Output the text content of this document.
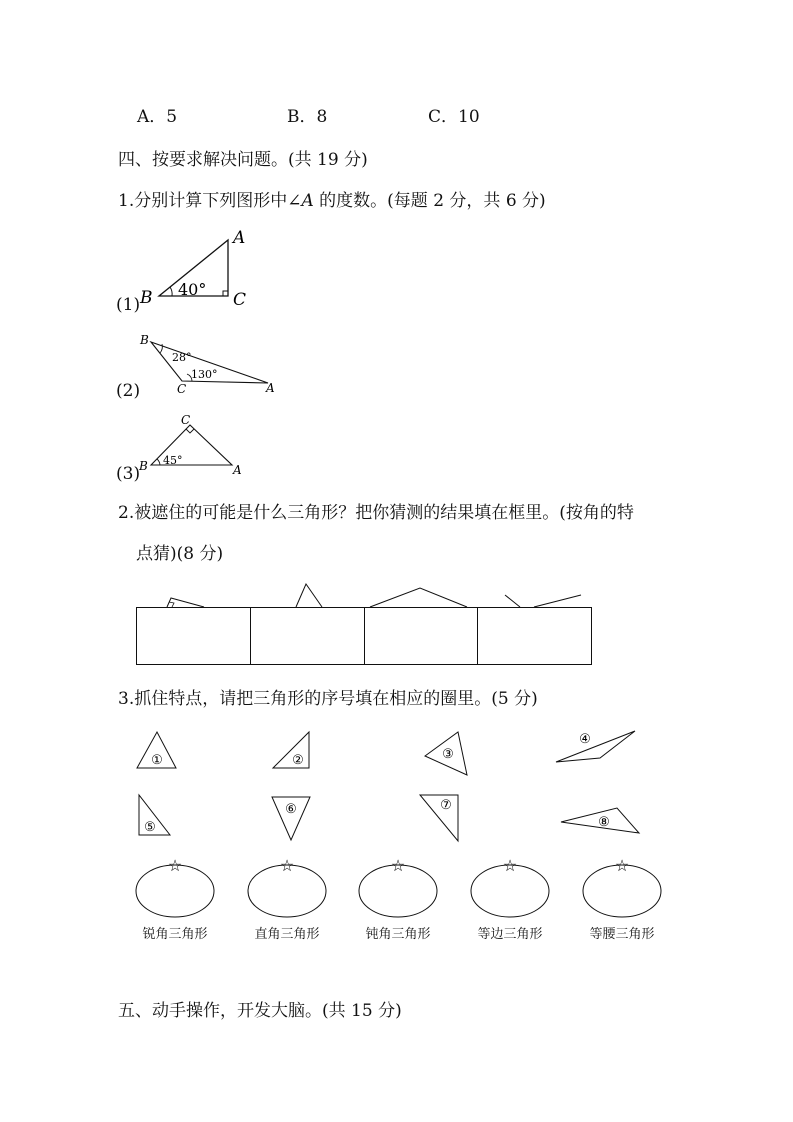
A．5	B．8	C．10
四、按要求解决问题。(共 19 分)
1.分别计算下列图形中∠A 的度数。(每题 2 分，共 6 分)
(1)
A
B	C
40°
(2)
B
C	A
28°
130°
(3)
C
B	A
45°
2.被遮住的可能是什么三角形？把你猜测的结果填在框里。(按角的特
点猜)(8 分)
3.抓住特点，请把三角形的序号填在相应的圈里。(5 分)
①	②	③
④
⑤
⑥	⑦
⑧
☆	☆	☆	☆	☆
锐角三角形	直角三角形	钝角三角形	等边三角形	等腰三角形
五、动手操作，开发大脑。(共 15 分)
